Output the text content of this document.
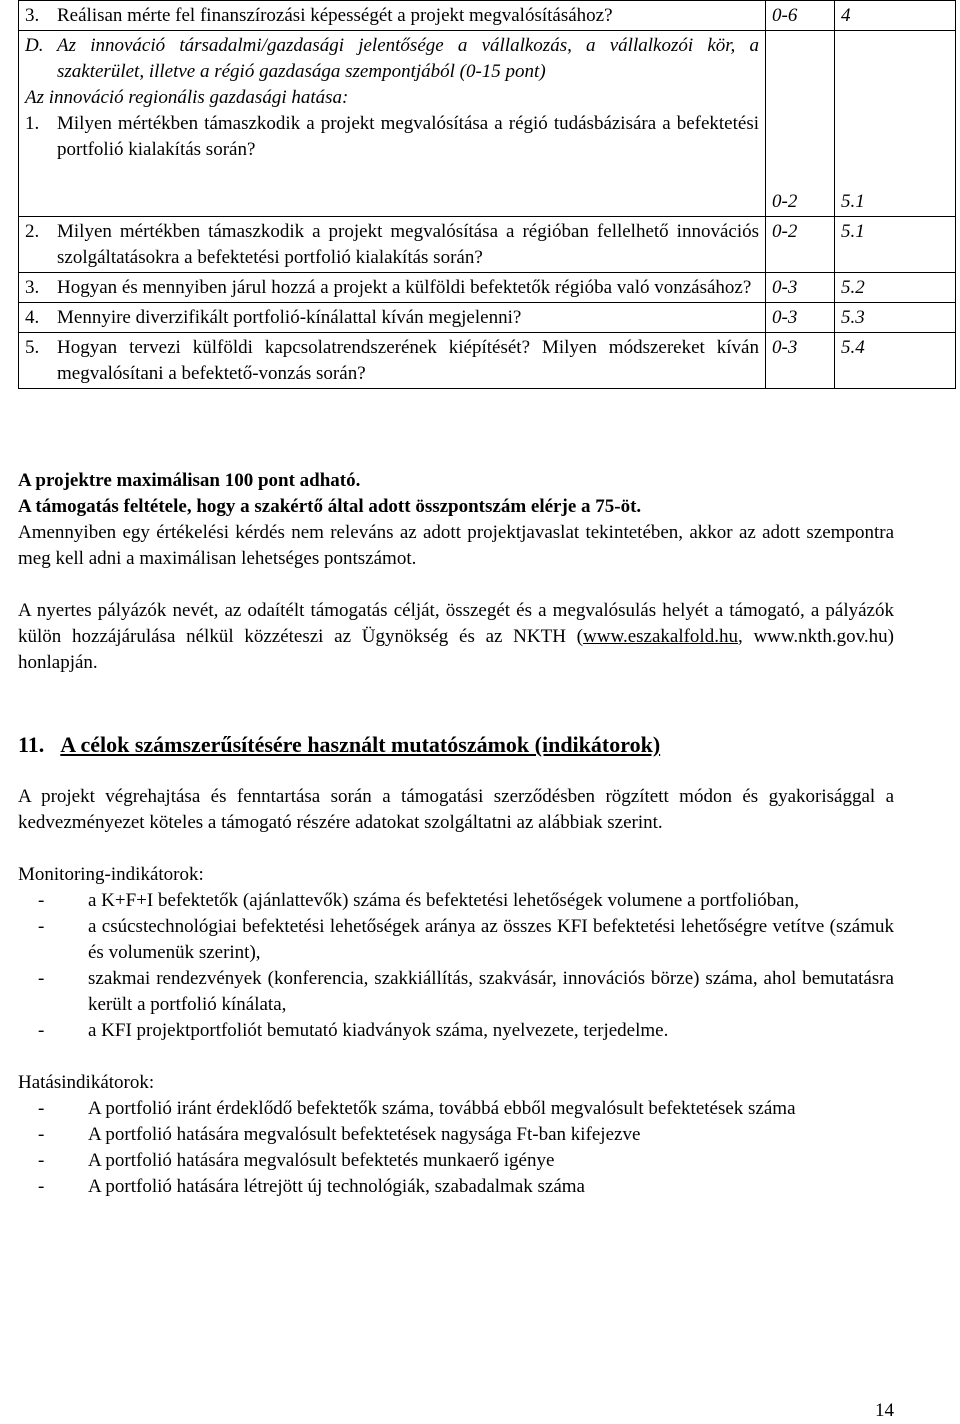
3. Reálisan mérte fel finanszírozási képességét a projekt megvalósításához?	0-6	4

D. Az innováció társadalmi/gazdasági jelentősége a vállalkozás, a vállalkozói kör, a szakterület, illetve a régió gazdasága szempontjából (0-15 pont)
Az innováció regionális gazdasági hatása:
1. Milyen mértékben támaszkodik a projekt megvalósítása a régió tudásbázisára a befektetési portfolió kialakítás során?	0-2	5.1

2. Milyen mértékben támaszkodik a projekt megvalósítása a régióban fellelhető innovációs szolgáltatásokra a befektetési portfolió kialakítás során?	0-2	5.1

3. Hogyan és mennyiben járul hozzá a projekt a külföldi befektetők régióba való vonzásához?	0-3	5.2

4. Mennyire diverzifikált portfolió-kínálattal kíván megjelenni?	0-3	5.3

5. Hogyan tervezi külföldi kapcsolatrendszerének kiépítését? Milyen módszereket kíván megvalósítani a befektető-vonzás során?	0-3	5.4

A projektre maximálisan 100 pont adható.

A támogatás feltétele, hogy a szakértő által adott összpontszám elérje a 75-öt.

Amennyiben egy értékelési kérdés nem releváns az adott projektjavaslat tekintetében, akkor az adott szempontra meg kell adni a maximálisan lehetséges pontszámot.

A nyertes pályázók nevét, az odaítélt támogatás célját, összegét és a megvalósulás helyét a támogató, a pályázók külön hozzájárulása nélkül közzéteszi az Ügynökség és az NKTH (www.eszakalfold.hu, www.nkth.gov.hu) honlapján.

11. A célok számszerűsítésére használt mutatószámok (indikátorok)

A projekt végrehajtása és fenntartása során a támogatási szerződésben rögzített módon és gyakorisággal a kedvezményezet köteles a támogató részére adatokat szolgáltatni az alábbiak szerint.

Monitoring-indikátorok:

-	a K+F+I befektetők (ajánlattevők) száma és befektetési lehetőségek volumene a portfolióban,
-	a csúcstechnológiai befektetési lehetőségek aránya az összes KFI befektetési lehetőségre vetítve (számuk és volumenük szerint),
-	szakmai rendezvények (konferencia, szakkiállítás, szakvásár, innovációs börze) száma, ahol bemutatásra került a portfolió kínálata,
-	a KFI projektportfoliót bemutató kiadványok száma, nyelvezete, terjedelme.

Hatásindikátorok:

-	A portfolió iránt érdeklődő befektetők száma, továbbá ebből megvalósult befektetések száma
-	A portfolió hatására megvalósult befektetések nagysága Ft-ban kifejezve
-	A portfolió hatására megvalósult befektetés munkaerő igénye
-	A portfolió hatására létrejött új technológiák, szabadalmak száma
14
